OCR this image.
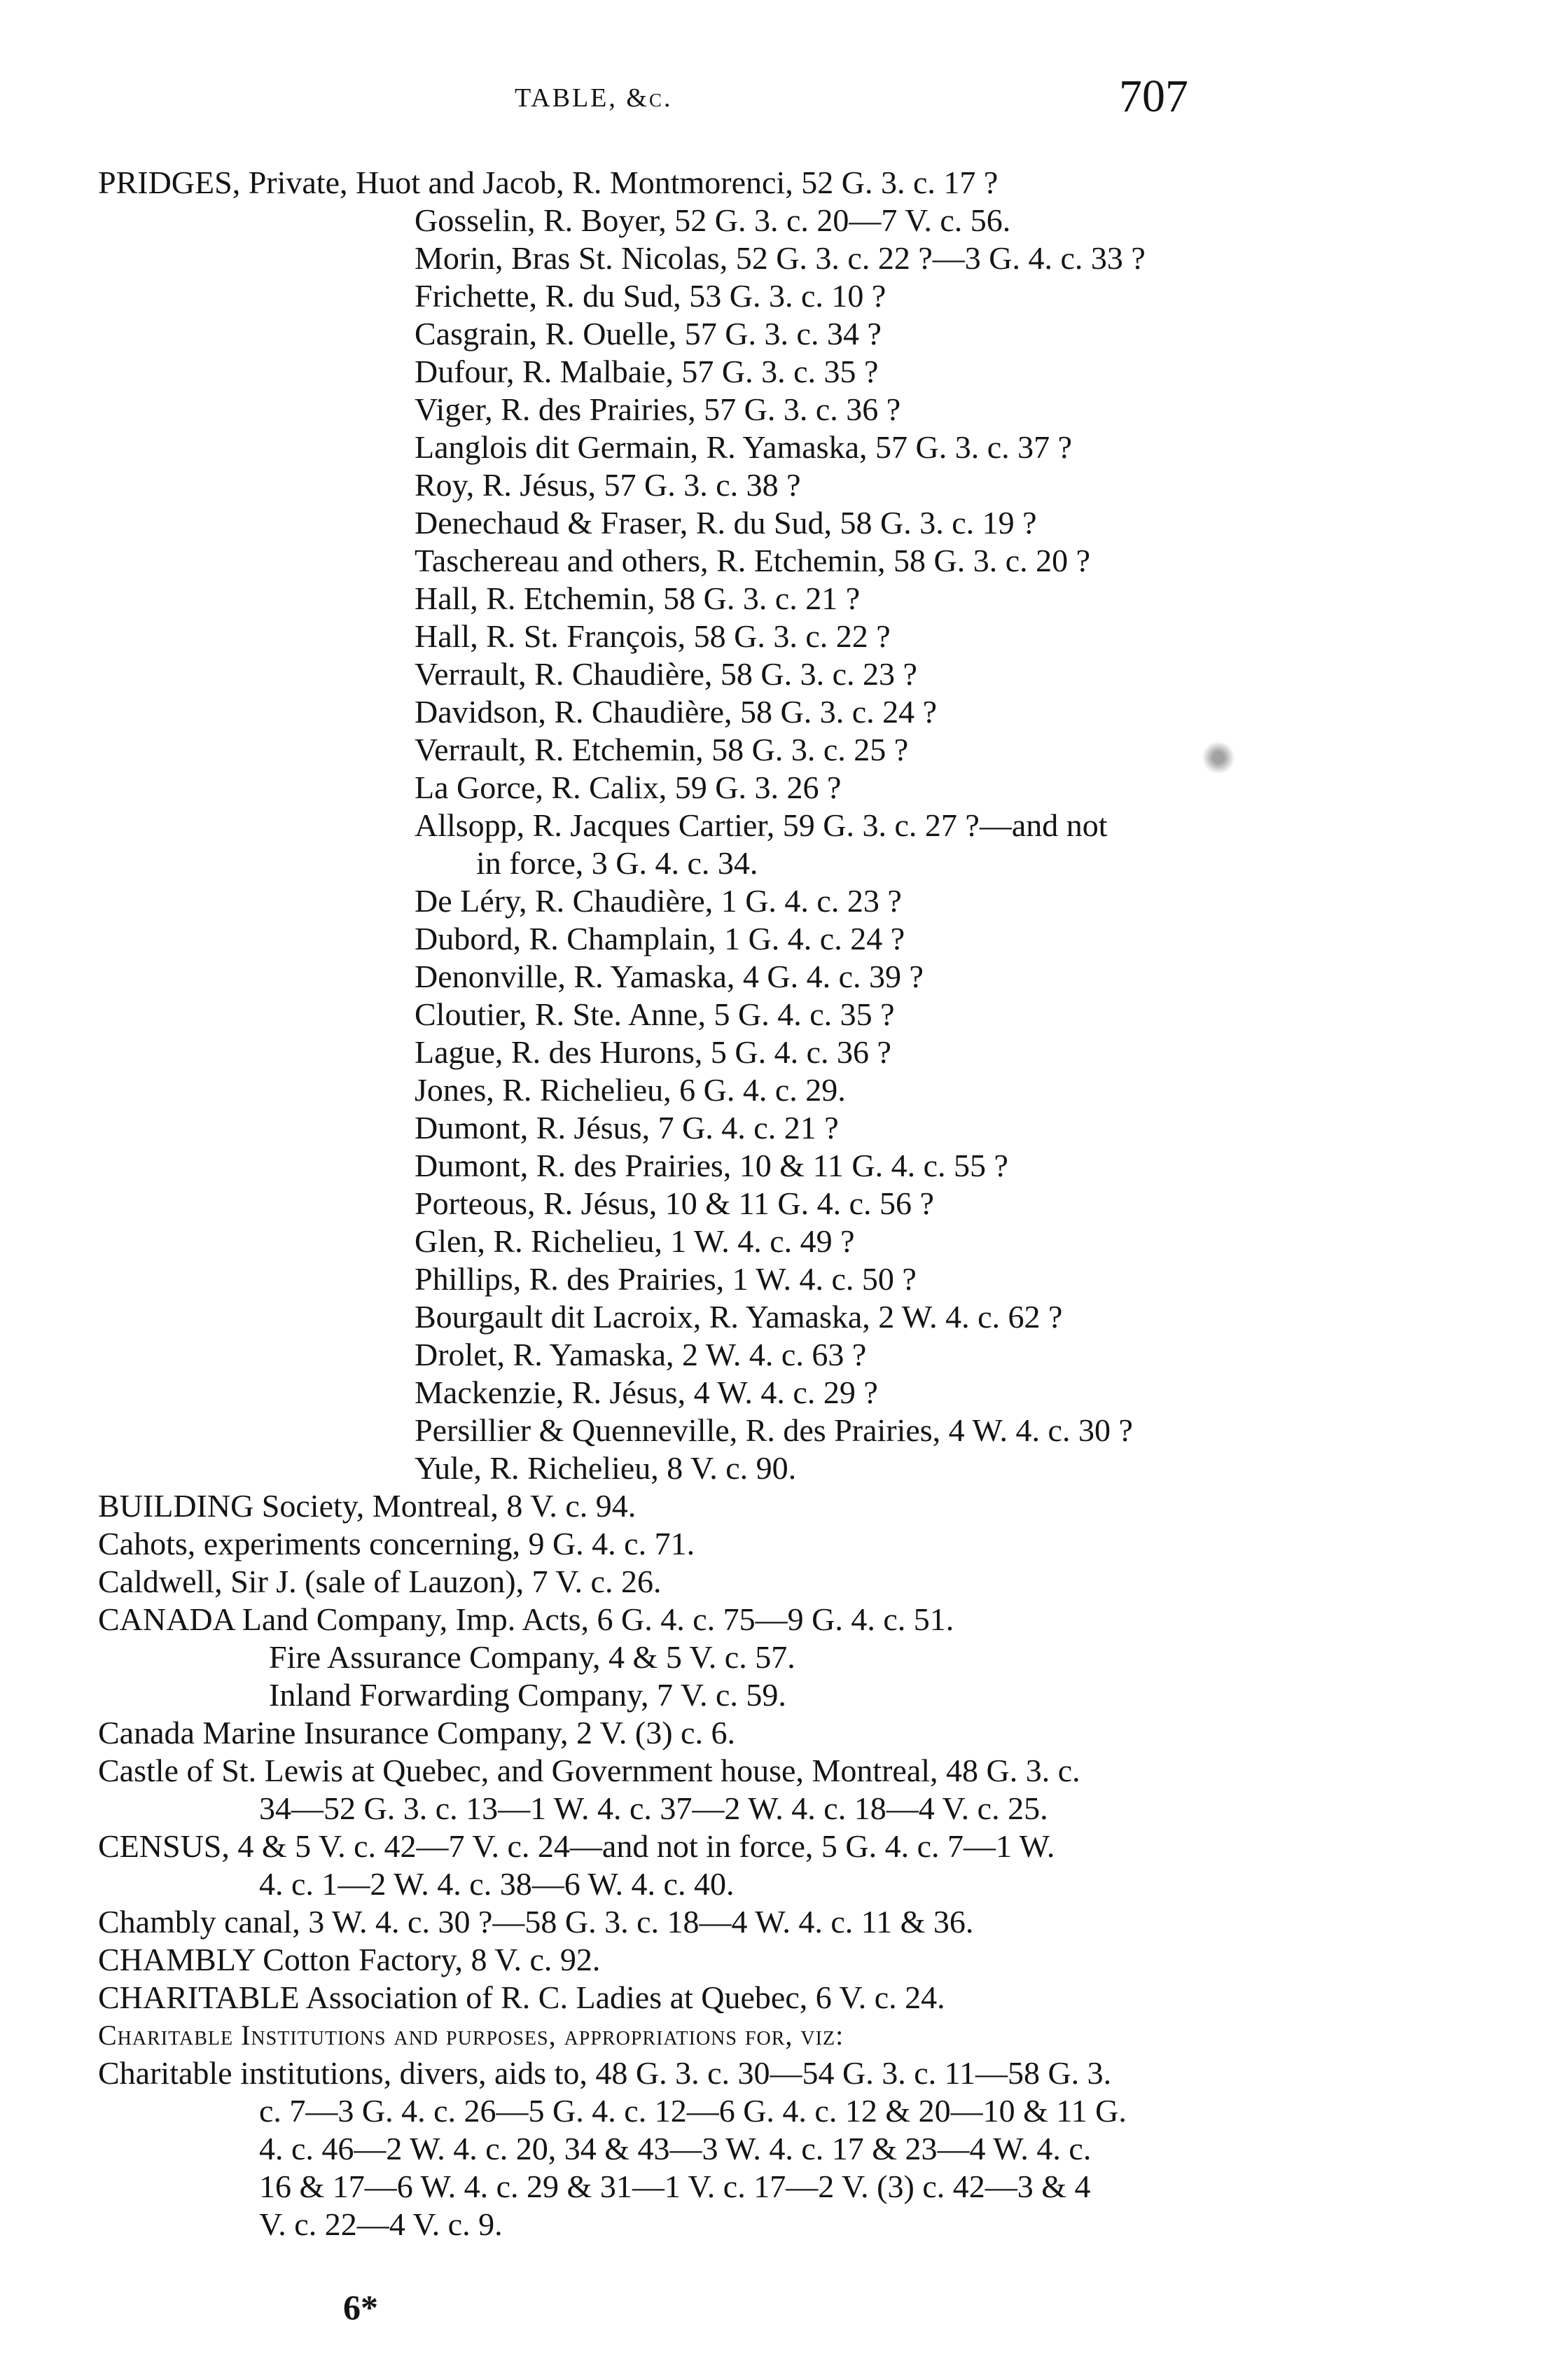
TABLE, &c.	707
PRIDGES, Private, Huot and Jacob, R. Montmorenci, 52 G. 3. c. 17 ?
Gosselin, R. Boyer, 52 G. 3. c. 20—7 V. c. 56.
Morin, Bras St. Nicolas, 52 G. 3. c. 22 ?—3 G. 4. c. 33 ?
Frichette, R. du Sud, 53 G. 3. c. 10 ?
Casgrain, R. Ouelle, 57 G. 3. c. 34 ?
Dufour, R. Malbaie, 57 G. 3. c. 35 ?
Viger, R. des Prairies, 57 G. 3. c. 36 ?
Langlois dit Germain, R. Yamaska, 57 G. 3. c. 37 ?
Roy, R. Jésus, 57 G. 3. c. 38 ?
Denechaud & Fraser, R. du Sud, 58 G. 3. c. 19 ?
Taschereau and others, R. Etchemin, 58 G. 3. c. 20 ?
Hall, R. Etchemin, 58 G. 3. c. 21 ?
Hall, R. St. François, 58 G. 3. c. 22 ?
Verrault, R. Chaudière, 58 G. 3. c. 23 ?
Davidson, R. Chaudière, 58 G. 3. c. 24 ?
Verrault, R. Etchemin, 58 G. 3. c. 25 ?
La Gorce, R. Calix, 59 G. 3. 26 ?
Allsopp, R. Jacques Cartier, 59 G. 3. c. 27 ?—and not
in force, 3 G. 4. c. 34.
De Léry, R. Chaudière, 1 G. 4. c. 23 ?
Dubord, R. Champlain, 1 G. 4. c. 24 ?
Denonville, R. Yamaska, 4 G. 4. c. 39 ?
Cloutier, R. Ste. Anne, 5 G. 4. c. 35 ?
Lague, R. des Hurons, 5 G. 4. c. 36 ?
Jones, R. Richelieu, 6 G. 4. c. 29.
Dumont, R. Jésus, 7 G. 4. c. 21 ?
Dumont, R. des Prairies, 10 & 11 G. 4. c. 55 ?
Porteous, R. Jésus, 10 & 11 G. 4. c. 56 ?
Glen, R. Richelieu, 1 W. 4. c. 49 ?
Phillips, R. des Prairies, 1 W. 4. c. 50 ?
Bourgault dit Lacroix, R. Yamaska, 2 W. 4. c. 62 ?
Drolet, R. Yamaska, 2 W. 4. c. 63 ?
Mackenzie, R. Jésus, 4 W. 4. c. 29 ?
Persillier & Quenneville, R. des Prairies, 4 W. 4. c. 30 ?
Yule, R. Richelieu, 8 V. c. 90.
BUILDING Society, Montreal, 8 V. c. 94.
Cahots, experiments concerning, 9 G. 4. c. 71.
Caldwell, Sir J. (sale of Lauzon), 7 V. c. 26.
CANADA Land Company, Imp. Acts, 6 G. 4. c. 75—9 G. 4. c. 51.
Fire Assurance Company, 4 & 5 V. c. 57.
Inland Forwarding Company, 7 V. c. 59.
Canada Marine Insurance Company, 2 V. (3) c. 6.
Castle of St. Lewis at Quebec, and Government house, Montreal, 48 G. 3. c.
34—52 G. 3. c. 13—1 W. 4. c. 37—2 W. 4. c. 18—4 V. c. 25.
CENSUS, 4 & 5 V. c. 42—7 V. c. 24—and not in force, 5 G. 4. c. 7—1 W.
4. c. 1—2 W. 4. c. 38—6 W. 4. c. 40.
Chambly canal, 3 W. 4. c. 30 ?—58 G. 3. c. 18—4 W. 4. c. 11 & 36.
CHAMBLY Cotton Factory, 8 V. c. 92.
CHARITABLE Association of R. C. Ladies at Quebec, 6 V. c. 24.
Charitable Institutions and purposes, appropriations for, viz:
Charitable institutions, divers, aids to, 48 G. 3. c. 30—54 G. 3. c. 11—58 G. 3.
c. 7—3 G. 4. c. 26—5 G. 4. c. 12—6 G. 4. c. 12 & 20—10 & 11 G.
4. c. 46—2 W. 4. c. 20, 34 & 43—3 W. 4. c. 17 & 23—4 W. 4. c.
16 & 17—6 W. 4. c. 29 & 31—1 V. c. 17—2 V. (3) c. 42—3 & 4
V. c. 22—4 V. c. 9.
6*
